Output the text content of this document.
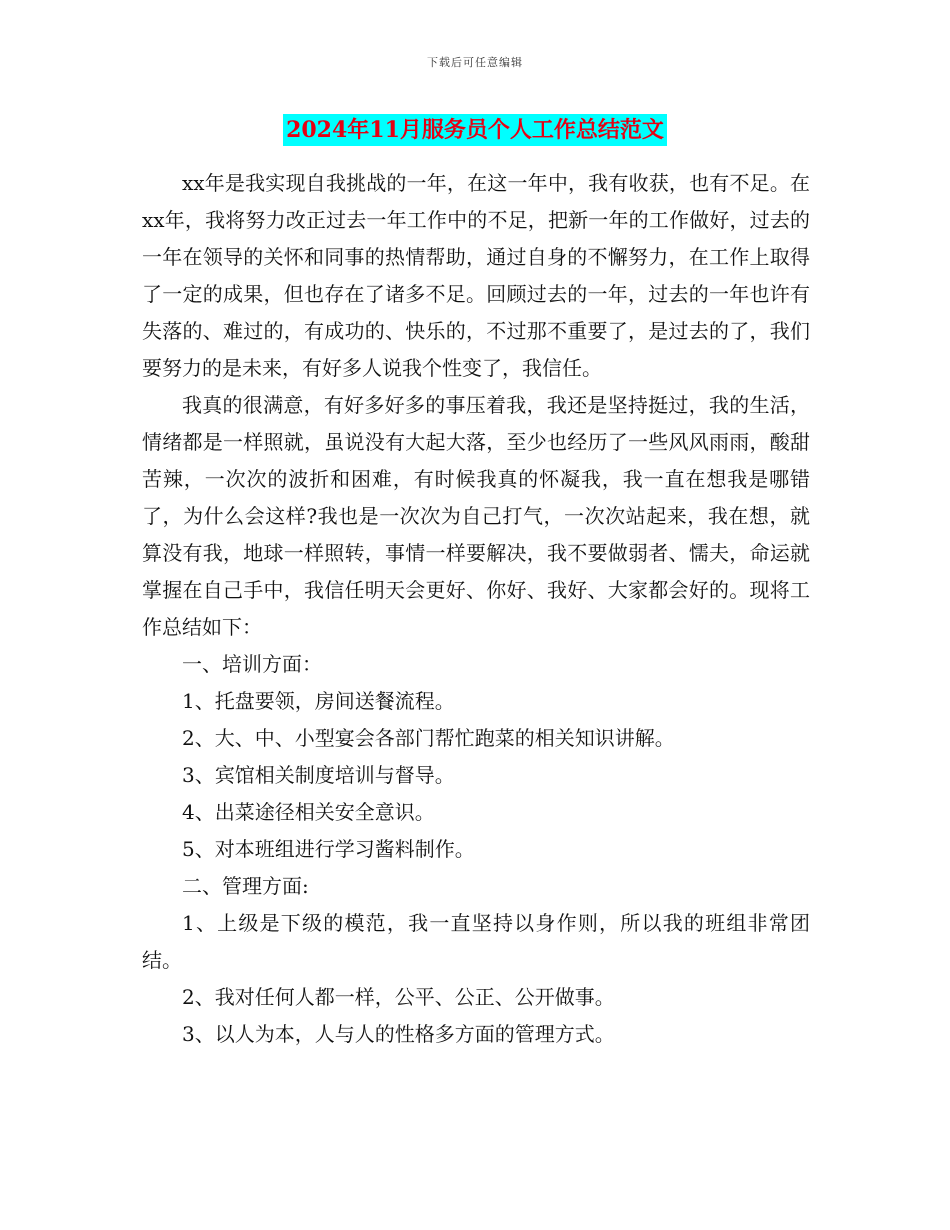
下载后可任意编辑
2024年11月服务员个人工作总结范文

xx年是我实现自我挑战的一年，在这一年中，我有收获，也有不足。在xx年，我将努力改正过去一年工作中的不足，把新一年的工作做好，过去的一年在领导的关怀和同事的热情帮助，通过自身的不懈努力，在工作上取得了一定的成果，但也存在了诸多不足。回顾过去的一年，过去的一年也许有失落的、难过的，有成功的、快乐的，不过那不重要了，是过去的了，我们要努力的是未来，有好多人说我个性变了，我信任。

我真的很满意，有好多好多的事压着我，我还是坚持挺过，我的生活，情绪都是一样照就，虽说没有大起大落，至少也经历了一些风风雨雨，酸甜苦辣，一次次的波折和困难，有时候我真的怀凝我，我一直在想我是哪错了，为什么会这样?我也是一次次为自己打气，一次次站起来，我在想，就算没有我，地球一样照转，事情一样要解决，我不要做弱者、懦夫，命运就掌握在自己手中，我信任明天会更好、你好、我好、大家都会好的。现将工作总结如下：

一、培训方面：

1、托盘要领，房间送餐流程。

2、大、中、小型宴会各部门帮忙跑菜的相关知识讲解。

3、宾馆相关制度培训与督导。

4、出菜途径相关安全意识。

5、对本班组进行学习酱料制作。

二、管理方面:

1、上级是下级的模范，我一直坚持以身作则，所以我的班组非常团结。

2、我对任何人都一样，公平、公正、公开做事。

3、以人为本，人与人的性格多方面的管理方式。
